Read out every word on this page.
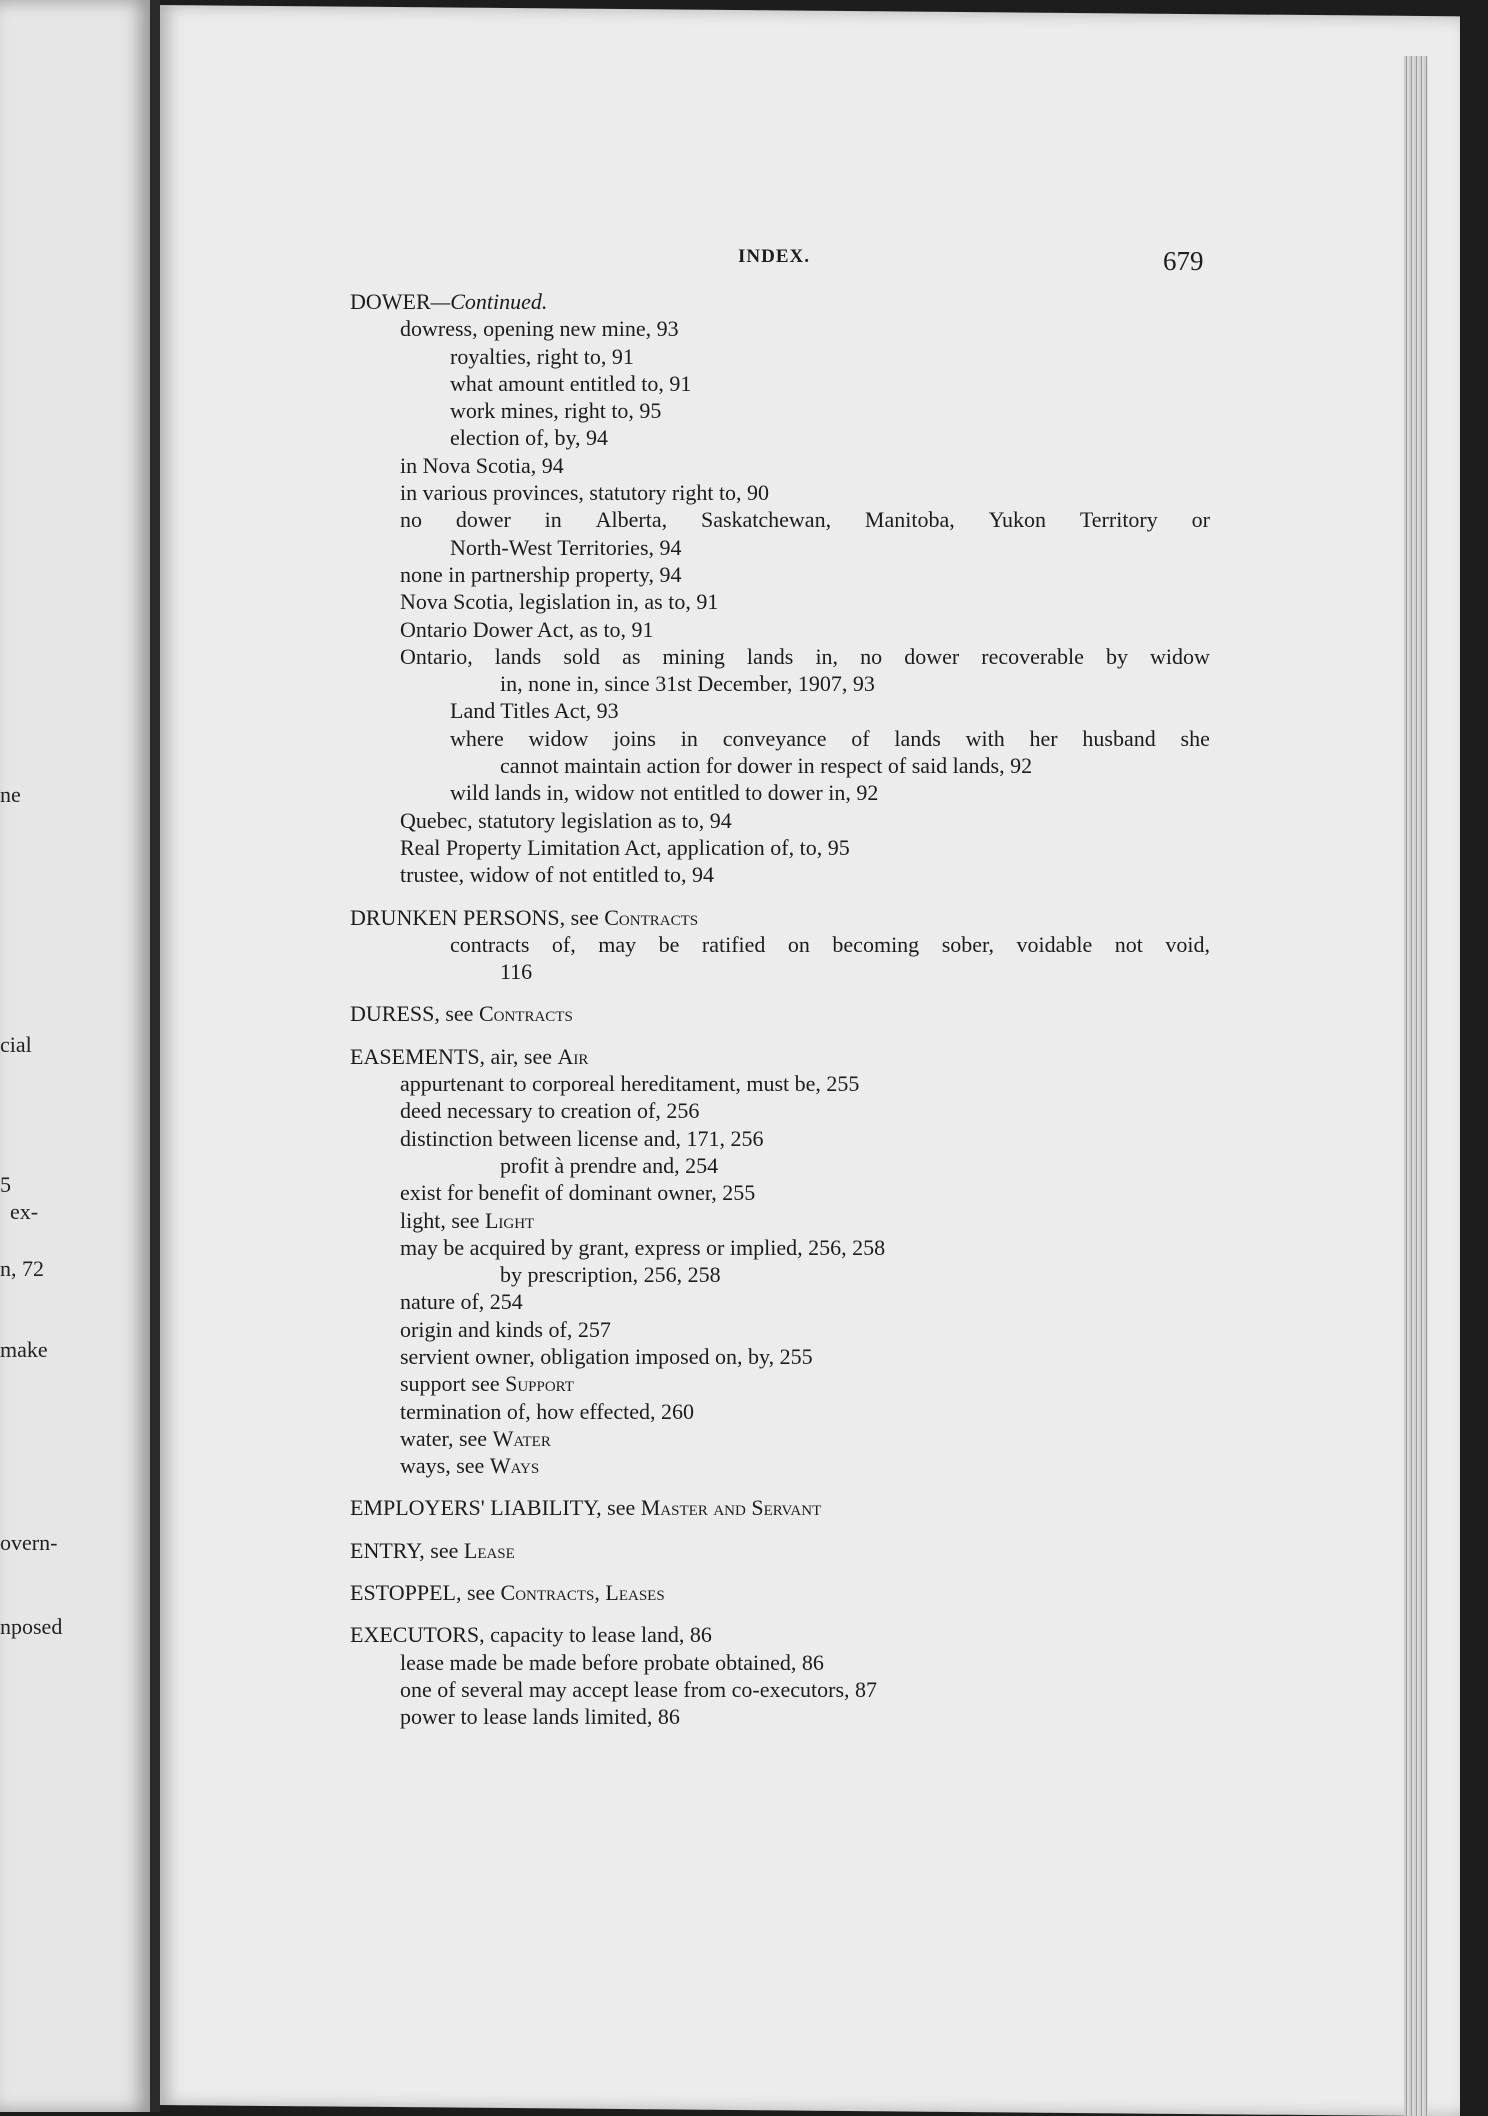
ne
cial
5
ex-
n, 72
make
overn-
nposed
INDEX.	679
DOWER—Continued.
dowress, opening new mine, 93
royalties, right to, 91
what amount entitled to, 91
work mines, right to, 95
election of, by, 94
in Nova Scotia, 94
in various provinces, statutory right to, 90
no dower in Alberta, Saskatchewan, Manitoba, Yukon Territory or
North-West Territories, 94
none in partnership property, 94
Nova Scotia, legislation in, as to, 91
Ontario Dower Act, as to, 91
Ontario, lands sold as mining lands in, no dower recoverable by widow
in, none in, since 31st December, 1907, 93
Land Titles Act, 93
where widow joins in conveyance of lands with her husband she
cannot maintain action for dower in respect of said lands, 92
wild lands in, widow not entitled to dower in, 92
Quebec, statutory legislation as to, 94
Real Property Limitation Act, application of, to, 95
trustee, widow of not entitled to, 94
DRUNKEN PERSONS, see Contracts
contracts of, may be ratified on becoming sober, voidable not void,
116
DURESS, see Contracts
EASEMENTS, air, see Air
appurtenant to corporeal hereditament, must be, 255
deed necessary to creation of, 256
distinction between license and, 171, 256
profit à prendre and, 254
exist for benefit of dominant owner, 255
light, see Light
may be acquired by grant, express or implied, 256, 258
by prescription, 256, 258
nature of, 254
origin and kinds of, 257
servient owner, obligation imposed on, by, 255
support see Support
termination of, how effected, 260
water, see Water
ways, see Ways
EMPLOYERS' LIABILITY, see Master and Servant
ENTRY, see Lease
ESTOPPEL, see Contracts, Leases
EXECUTORS, capacity to lease land, 86
lease made be made before probate obtained, 86
one of several may accept lease from co-executors, 87
power to lease lands limited, 86
